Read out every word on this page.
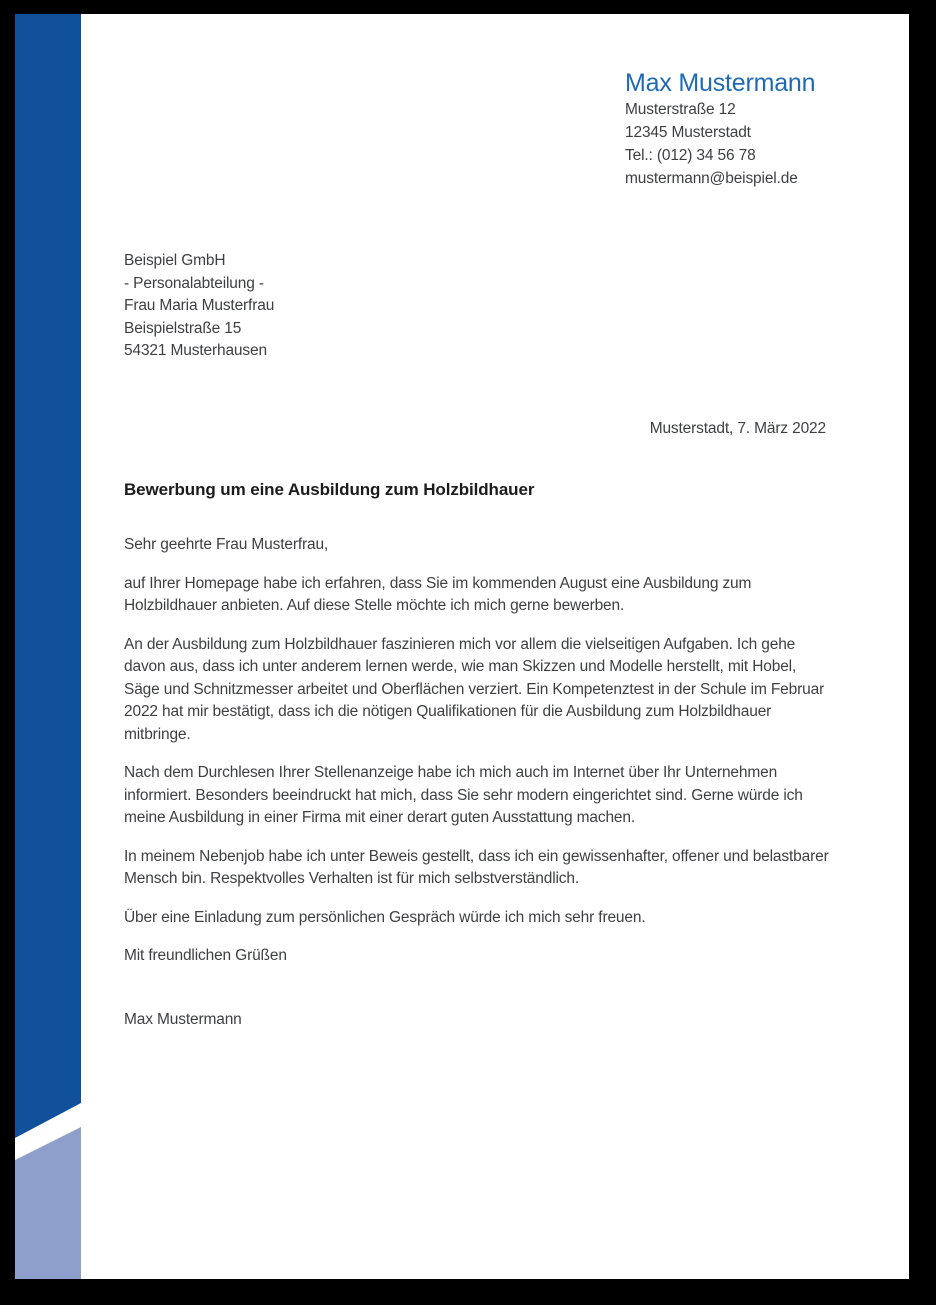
Max Mustermann
Musterstraße 12
12345 Musterstadt
Tel.: (012) 34 56 78
mustermann@beispiel.de
Beispiel GmbH
- Personalabteilung -
Frau Maria Musterfrau
Beispielstraße 15
54321 Musterhausen
Musterstadt, 7. März 2022
Bewerbung um eine Ausbildung zum Holzbildhauer

Sehr geehrte Frau Musterfrau,

auf Ihrer Homepage habe ich erfahren, dass Sie im kommenden August eine Ausbildung zum Holzbildhauer anbieten. Auf diese Stelle möchte ich mich gerne bewerben.

An der Ausbildung zum Holzbildhauer faszinieren mich vor allem die vielseitigen Aufgaben. Ich gehe davon aus, dass ich unter anderem lernen werde, wie man Skizzen und Modelle herstellt, mit Hobel, Säge und Schnitzmesser arbeitet und Oberflächen verziert. Ein Kompetenztest in der Schule im Februar 2022 hat mir bestätigt, dass ich die nötigen Qualifikationen für die Ausbildung zum Holzbildhauer mitbringe.

Nach dem Durchlesen Ihrer Stellenanzeige habe ich mich auch im Internet über Ihr Unternehmen informiert. Besonders beeindruckt hat mich, dass Sie sehr modern eingerichtet sind. Gerne würde ich meine Ausbildung in einer Firma mit einer derart guten Ausstattung machen.

In meinem Nebenjob habe ich unter Beweis gestellt, dass ich ein gewissenhafter, offener und belastbarer Mensch bin. Respektvolles Verhalten ist für mich selbstverständlich.

Über eine Einladung zum persönlichen Gespräch würde ich mich sehr freuen.

Mit freundlichen Grüßen

Max Mustermann
